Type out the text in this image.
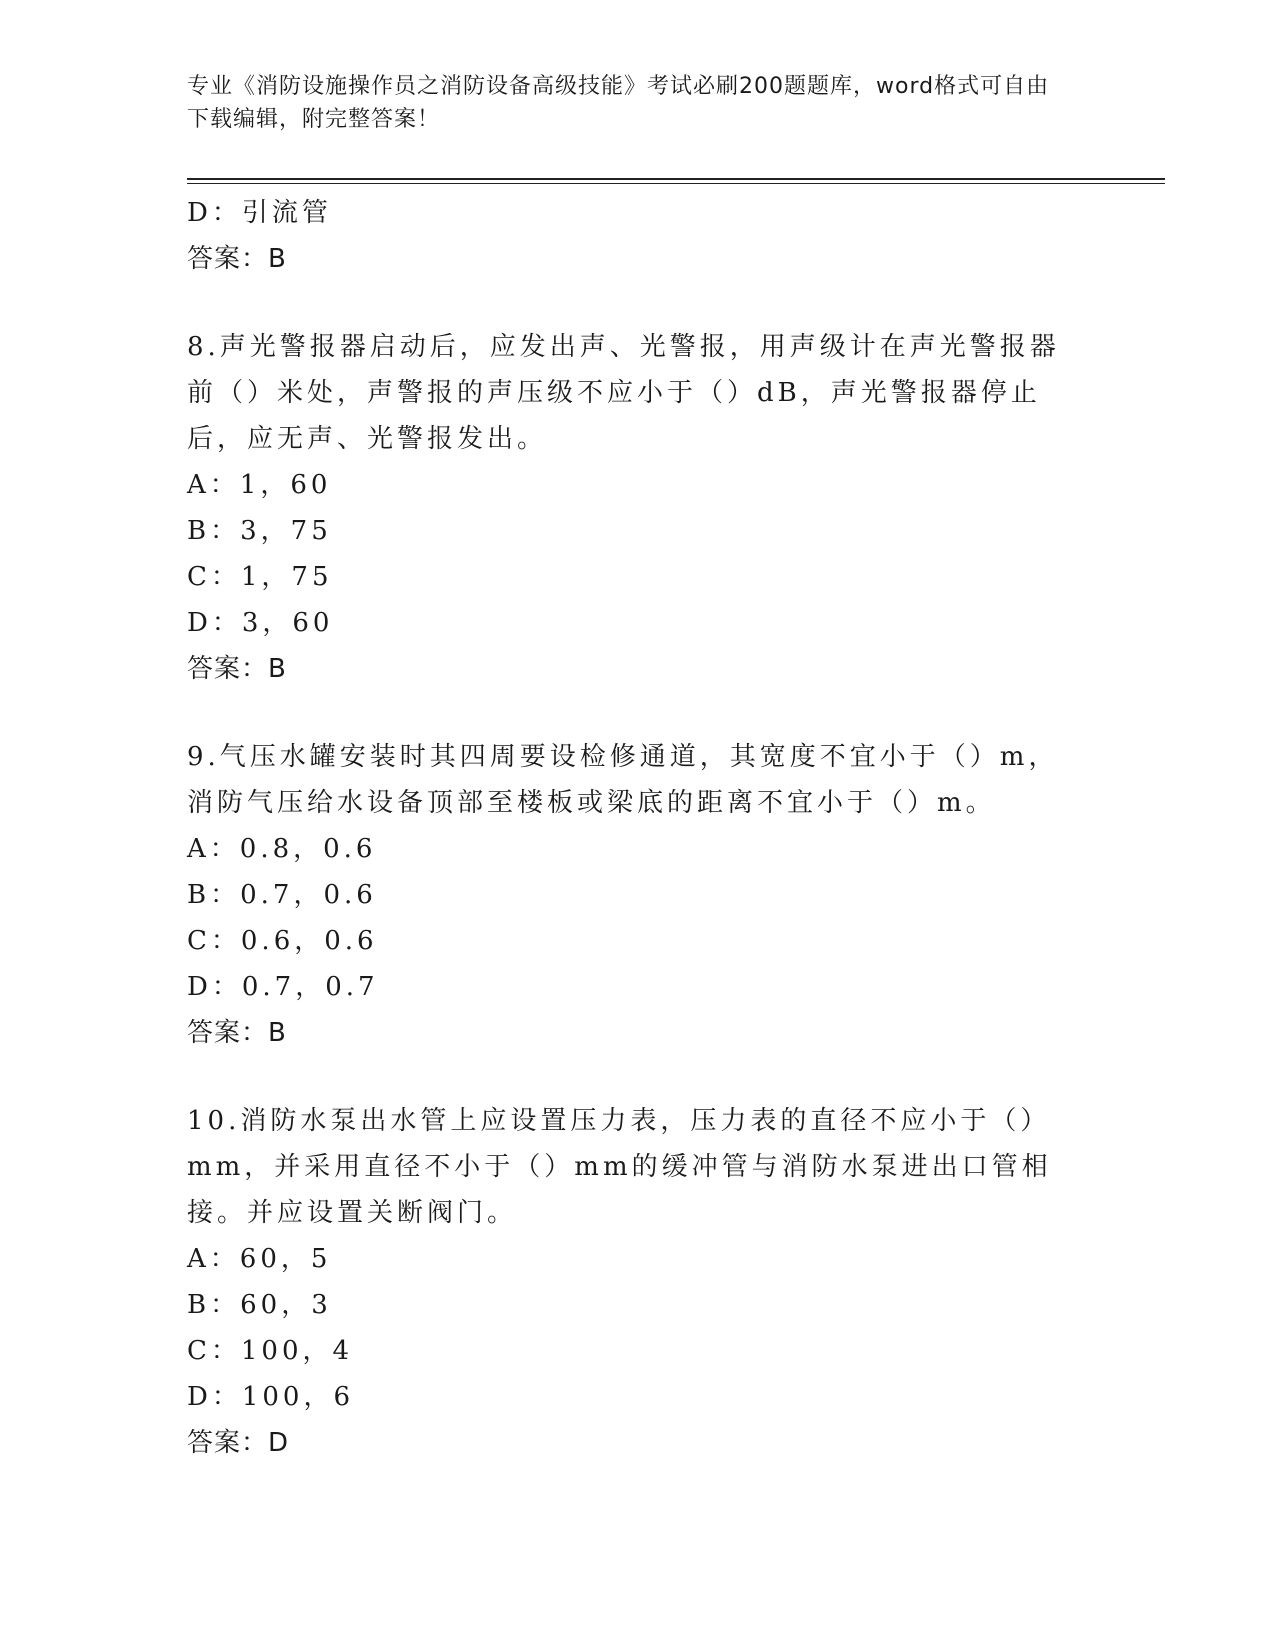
专业《消防设施操作员之消防设备高级技能》考试必刷200题题库，word格式可自由下载编辑，附完整答案！
D：引流管
答案：B
8.声光警报器启动后，应发出声、光警报，用声级计在声光警报器前（）米处，声警报的声压级不应小于（）dB，声光警报器停止后，应无声、光警报发出。
A：1，60
B：3，75
C：1，75
D：3，60
答案：B
9.气压水罐安装时其四周要设检修通道，其宽度不宜小于（）m，消防气压给水设备顶部至楼板或梁底的距离不宜小于（）m。
A：0.8，0.6
B：0.7，0.6
C：0.6，0.6
D：0.7，0.7
答案：B
10.消防水泵出水管上应设置压力表，压力表的直径不应小于（）mm，并采用直径不小于（）mm的缓冲管与消防水泵进出口管相接。并应设置关断阀门。
A：60，5
B：60，3
C：100，4
D：100，6
答案：D
